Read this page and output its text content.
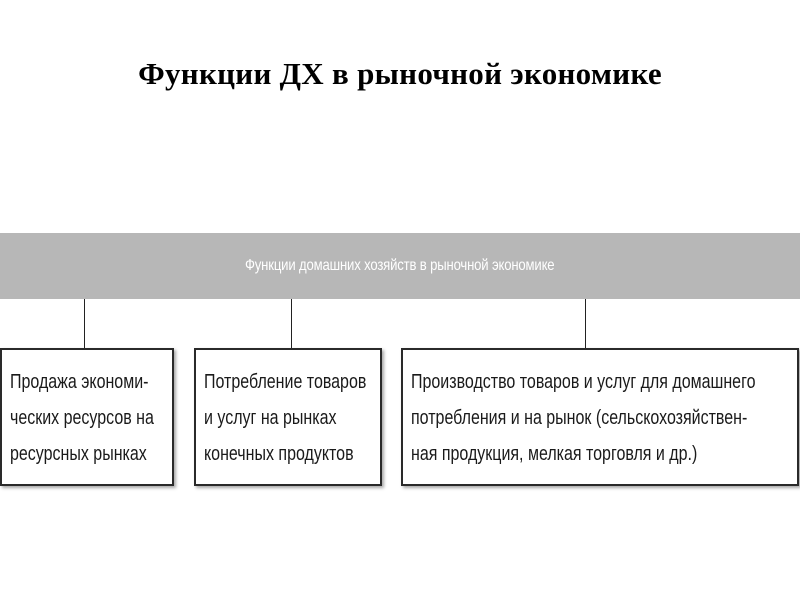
Функции ДХ в рыночной экономике
Функции домашних хозяйств в рыночной экономике
Продажа экономи-
ческих ресурсов на
ресурсных рынках
Потребление товаров
и услуг на рынках
конечных продуктов
Производство товаров и услуг для домашнего
потребления и на рынок (сельскохозяйствен-
ная продукция, мелкая торговля и др.)
